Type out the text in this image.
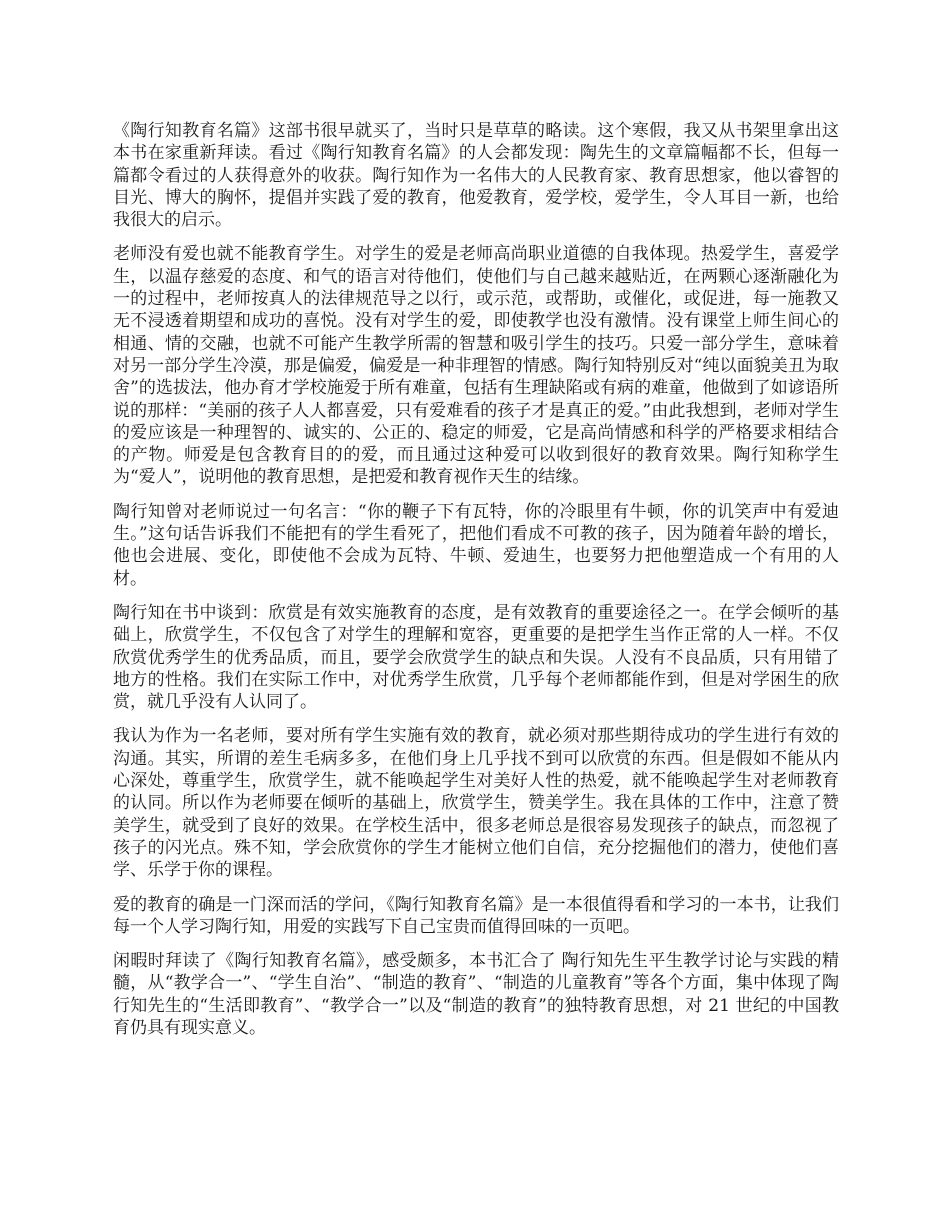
《陶行知教育名篇》这部书很早就买了，当时只是草草的略读。这个寒假，我又从书架里拿出这本书在家重新拜读。看过《陶行知教育名篇》的人会都发现：陶先生的文章篇幅都不长，但每一篇都令看过的人获得意外的收获。陶行知作为一名伟大的人民教育家、教育思想家，他以睿智的目光、博大的胸怀，提倡并实践了爱的教育，他爱教育，爱学校，爱学生，令人耳目一新，也给我很大的启示。

老师没有爱也就不能教育学生。对学生的爱是老师高尚职业道德的自我体现。热爱学生，喜爱学生，以温存慈爱的态度、和气的语言对待他们，使他们与自己越来越贴近，在两颗心逐渐融化为一的过程中，老师按真人的法律规范导之以行，或示范，或帮助，或催化，或促进，每一施教又无不浸透着期望和成功的喜悦。没有对学生的爱，即使教学也没有激情。没有课堂上师生间心的相通、情的交融，也就不可能产生教学所需的智慧和吸引学生的技巧。只爱一部分学生，意味着对另一部分学生冷漠，那是偏爱，偏爱是一种非理智的情感。陶行知特别反对“纯以面貌美丑为取舍”的选拔法，他办育才学校施爱于所有难童，包括有生理缺陷或有病的难童，他做到了如谚语所说的那样：“美丽的孩子人人都喜爱，只有爱难看的孩子才是真正的爱。”由此我想到，老师对学生的爱应该是一种理智的、诚实的、公正的、稳定的师爱，它是高尚情感和科学的严格要求相结合的产物。师爱是包含教育目的的爱，而且通过这种爱可以收到很好的教育效果。陶行知称学生为“爱人”，说明他的教育思想，是把爱和教育视作天生的结缘。

陶行知曾对老师说过一句名言：“你的鞭子下有瓦特，你的冷眼里有牛顿，你的讥笑声中有爱迪生。”这句话告诉我们不能把有的学生看死了，把他们看成不可教的孩子，因为随着年龄的增长，他也会进展、变化，即使他不会成为瓦特、牛顿、爱迪生，也要努力把他塑造成一个有用的人材。

陶行知在书中谈到：欣赏是有效实施教育的态度，是有效教育的重要途径之一。在学会倾听的基础上，欣赏学生，不仅包含了对学生的理解和宽容，更重要的是把学生当作正常的人一样。不仅欣赏优秀学生的优秀品质，而且，要学会欣赏学生的缺点和失误。人没有不良品质，只有用错了地方的性格。我们在实际工作中，对优秀学生欣赏，几乎每个老师都能作到，但是对学困生的欣赏，就几乎没有人认同了。

我认为作为一名老师，要对所有学生实施有效的教育，就必须对那些期待成功的学生进行有效的沟通。其实，所谓的差生毛病多多，在他们身上几乎找不到可以欣赏的东西。但是假如不能从内心深处，尊重学生，欣赏学生，就不能唤起学生对美好人性的热爱，就不能唤起学生对老师教育的认同。所以作为老师要在倾听的基础上，欣赏学生，赞美学生。我在具体的工作中，注意了赞美学生，就受到了良好的效果。在学校生活中，很多老师总是很容易发现孩子的缺点，而忽视了孩子的闪光点。殊不知，学会欣赏你的学生才能树立他们自信，充分挖掘他们的潜力，使他们喜学、乐学于你的课程。

爱的教育的确是一门深而活的学问，《陶行知教育名篇》是一本很值得看和学习的一本书，让我们每一个人学习陶行知，用爱的实践写下自己宝贵而值得回味的一页吧。

闲暇时拜读了《陶行知教育名篇》，感受颇多，本书汇合了 陶行知先生平生教学讨论与实践的精髓，从“教学合一”、“学生自治”、“制造的教育”、“制造的儿童教育”等各个方面，集中体现了陶行知先生的“生活即教育”、“教学合一”以及“制造的教育”的独特教育思想，对 21 世纪的中国教育仍具有现实意义。
